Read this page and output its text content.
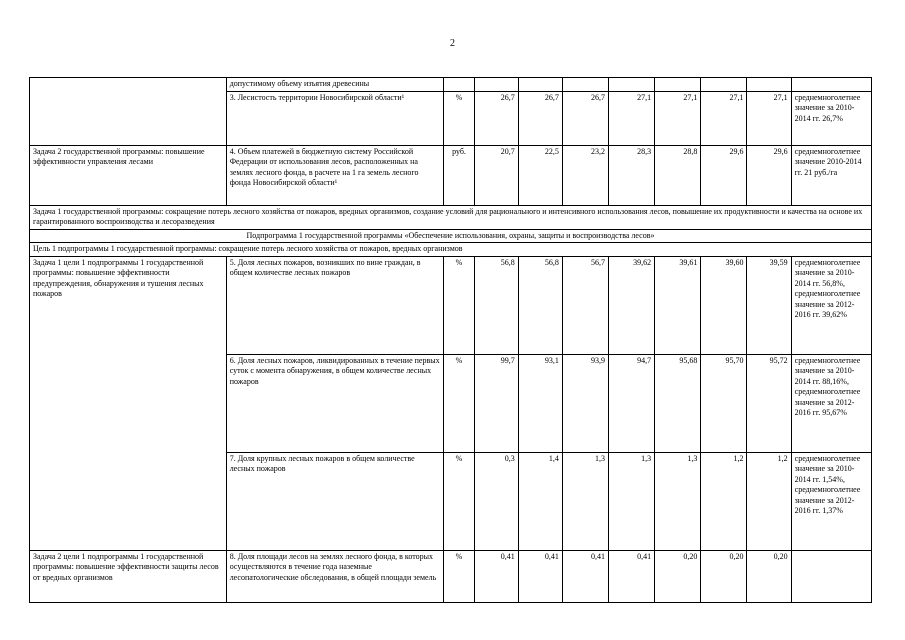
2
	допустимому объему изъятия древесины									
	3. Лесистость территории Новосибирской области¹	%	26,7	26,7	26,7	27,1	27,1	27,1	27,1	среднемноголетнее значение за 2010-2014 гг. 26,7%
Задача 2 государственной программы: повышение эффективности управления лесами	4. Объем платежей в бюджетную систему Российской Федерации от использования лесов, расположенных на землях лесного фонда, в расчете на 1 га земель лесного фонда Новосибирской области¹	руб.	20,7	22,5	23,2	28,3	28,8	29,6	29,6	среднемноголетнее значение 2010-2014 гг. 21 руб./га
Задача 1 государственной программы: сокращение потерь лесного хозяйства от пожаров, вредных организмов, создание условий для рационального и интенсивного использования лесов, повышение их продуктивности и качества на основе их гарантированного воспроизводства и лесоразведения										
Подпрограмма 1 государственной программы «Обеспечение использования, охраны, защиты и воспроизводства лесов»										
Цель 1 подпрограммы 1 государственной программы: сокращение потерь лесного хозяйства от пожаров, вредных организмов										
Задача 1 цели 1 подпрограммы 1 государственной программы: повышение эффективности предупреждения, обнаружения и тушения лесных пожаров	5. Доля лесных пожаров, возникших по вине граждан, в общем количестве лесных пожаров	%	56,8	56,8	56,7	39,62	39,61	39,60	39,59	среднемноголетнее значение за 2010-2014 гг. 56,8%, среднемноголетнее значение за 2012-2016 гг. 39,62%
	6. Доля лесных пожаров, ликвидированных в течение первых суток с момента обнаружения, в общем количестве лесных пожаров	%	99,7	93,1	93,9	94,7	95,68	95,70	95,72	среднемноголетнее значение за 2010-2014 гг. 88,16%, среднемноголетнее значение за 2012-2016 гг. 95,67%
	7. Доля крупных лесных пожаров в общем количестве лесных пожаров	%	0,3	1,4	1,3	1,3	1,3	1,2	1,2	среднемноголетнее значение за 2010-2014 гг. 1,54%, среднемноголетнее значение за 2012-2016 гг. 1,37%
Задача 2 цели 1 подпрограммы 1 государственной программы: повышение эффективности защиты лесов от вредных организмов	8. Доля площади лесов на землях лесного фонда, в которых осуществляются в течение года наземные лесопатологические обследования, в общей площади земель	%	0,41	0,41	0,41	0,41	0,20	0,20	0,20	
